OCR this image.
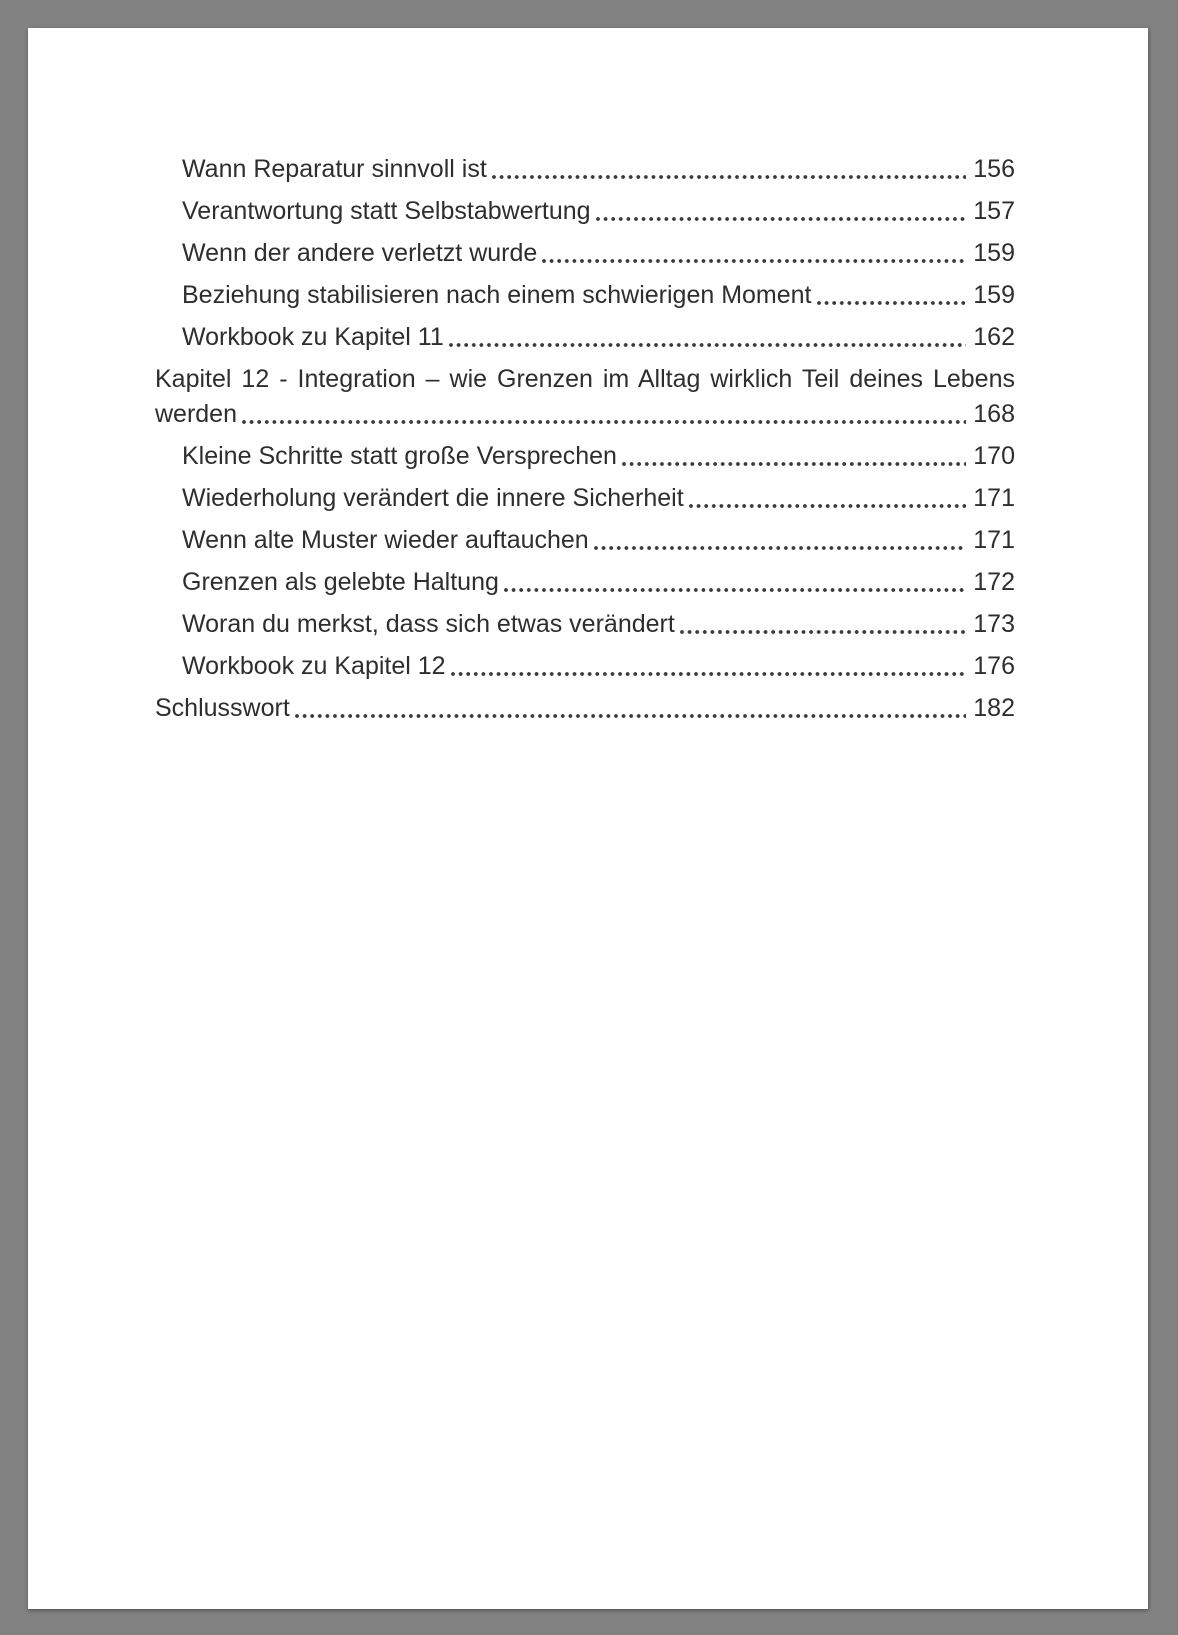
Wann Reparatur sinnvoll ist	156
Verantwortung statt Selbstabwertung	157
Wenn der andere verletzt wurde	159
Beziehung stabilisieren nach einem schwierigen Moment	159
Workbook zu Kapitel 11	162
Kapitel 12 - Integration – wie Grenzen im Alltag wirklich Teil deines Lebens
werden	168
Kleine Schritte statt große Versprechen	170
Wiederholung verändert die innere Sicherheit	171
Wenn alte Muster wieder auftauchen	171
Grenzen als gelebte Haltung	172
Woran du merkst, dass sich etwas verändert	173
Workbook zu Kapitel 12	176
Schlusswort	182
